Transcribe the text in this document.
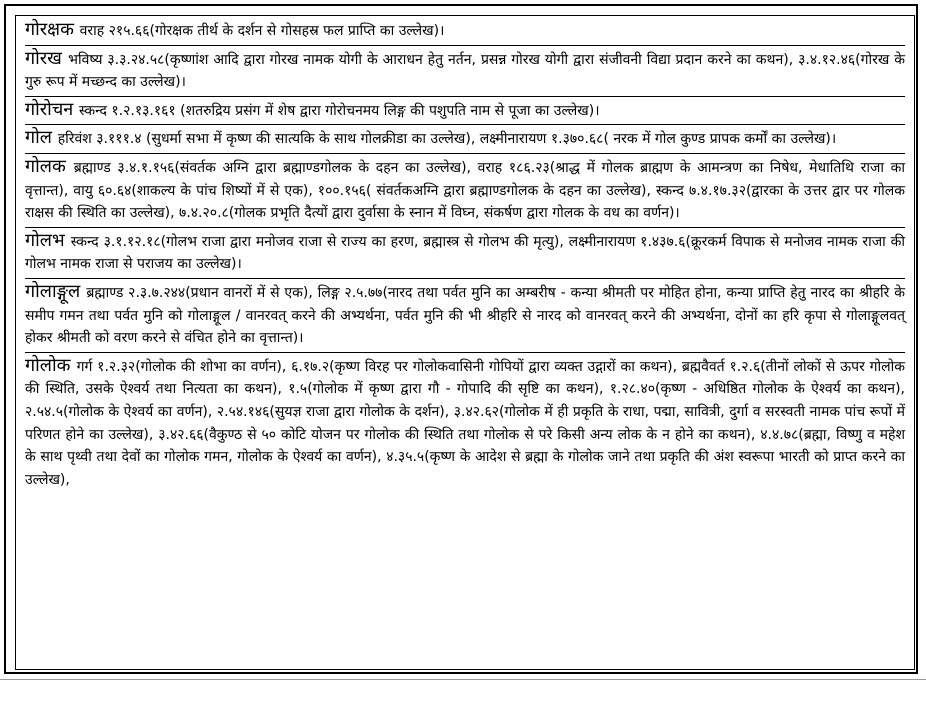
गोरक्षक वराह २१५.६६(गोरक्षक तीर्थ के दर्शन से गोसहस्र फल प्राप्ति का उल्लेख)।
गोरख भविष्य ३.३.२४.५८(कृष्णांश आदि द्वारा गोरख नामक योगी के आराधन हेतु नर्तन, प्रसन्न गोरख योगी द्वारा संजीवनी विद्या प्रदान करने का कथन), ३.४.१२.४६(गोरख के गुरु रूप में मच्छन्द का उल्लेख)।
गोरोचन स्कन्द १.२.१३.१६१ (शतरुद्रिय प्रसंग में शेष द्वारा गोरोचनमय लिङ्ग की पशुपति नाम से पूजा का उल्लेख)।
गोल हरिवंश ३.१११.४ (सुधर्मा सभा में कृष्ण की सात्यकि के साथ गोलक्रीडा का उल्लेख), लक्ष्मीनारायण १.३७०.६८( नरक में गोल कुण्ड प्रापक कर्मों का उल्लेख)।
गोलक ब्रह्माण्ड ३.४.१.१५६(संवर्तक अग्नि द्वारा ब्रह्माण्डगोलक के दहन का उल्लेख), वराह १८६.२३(श्राद्ध में गोलक ब्राह्मण के आमन्त्रण का निषेध, मेधातिथि राजा का वृत्तान्त), वायु ६०.६४(शाकल्य के पांच शिष्यों में से एक), १००.१५६( संवर्तकअग्नि द्वारा ब्रह्माण्डगोलक के दहन का उल्लेख), स्कन्द ७.४.१७.३२(द्वारका के उत्तर द्वार पर गोलक राक्षस की स्थिति का उल्लेख), ७.४.२०.८(गोलक प्रभृति दैत्यों द्वारा दुर्वासा के स्नान में विघ्न, संकर्षण द्वारा गोलक के वध का वर्णन)।
गोलभ स्कन्द ३.१.१२.१८(गोलभ राजा द्वारा मनोजव राजा से राज्य का हरण, ब्रह्मास्त्र से गोलभ की मृत्यु), लक्ष्मीनारायण १.४३७.६(क्रूरकर्म विपाक से मनोजव नामक राजा की गोलभ नामक राजा से पराजय का उल्लेख)।
गोलाङ्गूल ब्रह्माण्ड २.३.७.२४४(प्रधान वानरों में से एक), लिङ्ग २.५.७७(नारद तथा पर्वत मुनि का अम्बरीष - कन्या श्रीमती पर मोहित होना, कन्या प्राप्ति हेतु नारद का श्रीहरि के समीप गमन तथा पर्वत मुनि को गोलाङ्गूल / वानरवत् करने की अभ्यर्थना, पर्वत मुनि की भी श्रीहरि से नारद को वानरवत् करने की अभ्यर्थना, दोनों का हरि कृपा से गोलाङ्गूलवत् होकर श्रीमती को वरण करने से वंचित होने का वृत्तान्त)।
गोलोक गर्ग १.२.३२(गोलोक की शोभा का वर्णन), ६.१७.२(कृष्ण विरह पर गोलोकवासिनी गोपियों द्वारा व्यक्त उद्गारों का कथन), ब्रह्मवैवर्त १.२.६(तीनों लोकों से ऊपर गोलोक की स्थिति, उसके ऐश्वर्य तथा नित्यता का कथन), १.५(गोलोक में कृष्ण द्वारा गौ - गोपादि की सृष्टि का कथन), १.२८.४०(कृष्ण - अधिष्ठित गोलोक के ऐश्वर्य का कथन), २.५४.५(गोलोक के ऐश्वर्य का वर्णन), २.५४.१४६(सुयज्ञ राजा द्वारा गोलोक के दर्शन), ३.४२.६२(गोलोक में ही प्रकृति के राधा, पद्मा, सावित्री, दुर्गा व सरस्वती नामक पांच रूपों में परिणत होने का उल्लेख), ३.४२.६६(वैकुण्ठ से ५० कोटि योजन पर गोलोक की स्थिति तथा गोलोक से परे किसी अन्य लोक के न होने का कथन), ४.४.७८(ब्रह्मा, विष्णु व महेश के साथ पृथ्वी तथा देवों का गोलोक गमन, गोलोक के ऐश्वर्य का वर्णन), ४.३५.५(कृष्ण के आदेश से ब्रह्मा के गोलोक जाने तथा प्रकृति की अंश स्वरूपा भारती को प्राप्त करने का उल्लेख),
